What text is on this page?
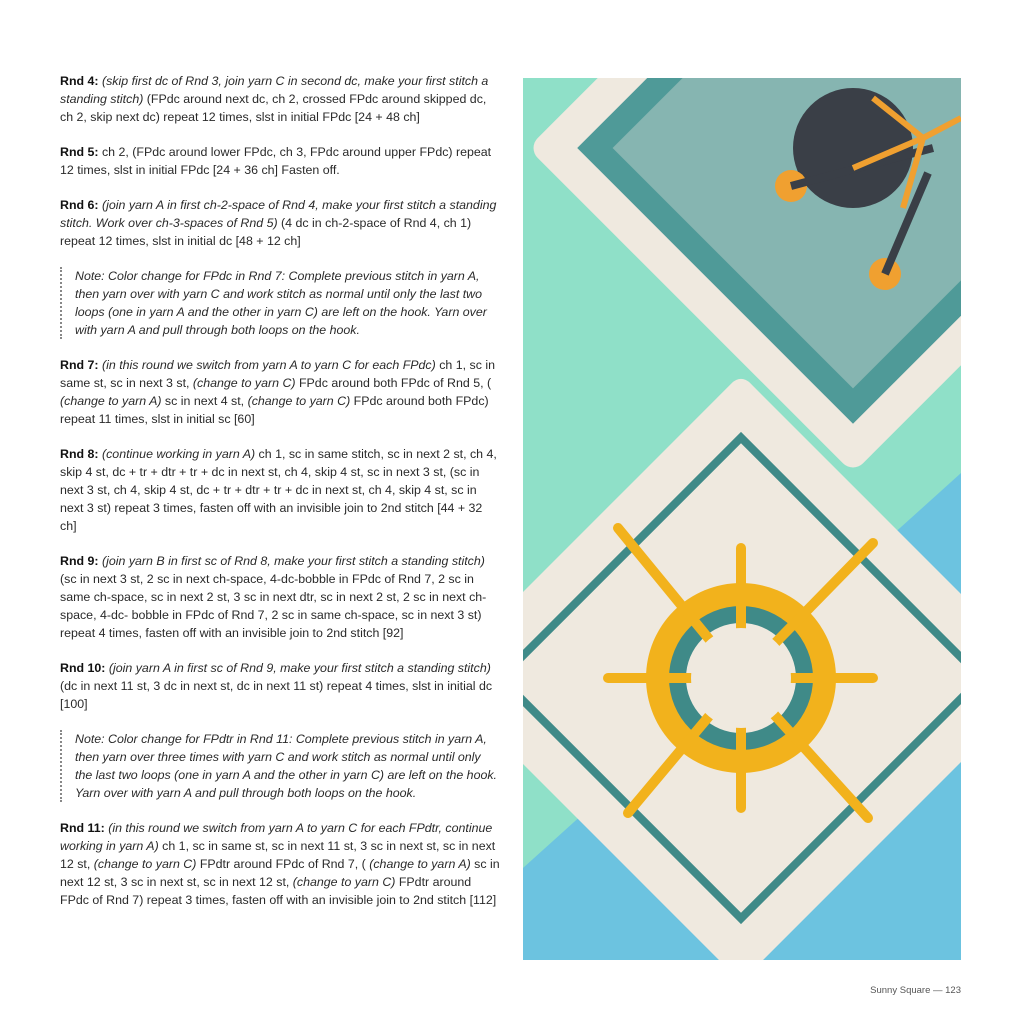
Rnd 4: (skip first dc of Rnd 3, join yarn C in second dc, make your first stitch a standing stitch) (FPdc around next dc, ch 2, crossed FPdc around skipped dc, ch 2, skip next dc) repeat 12 times, slst in initial FPdc [24 + 48 ch]

Rnd 5: ch 2, (FPdc around lower FPdc, ch 3, FPdc around upper FPdc) repeat 12 times, slst in initial FPdc [24 + 36 ch] Fasten off.

Rnd 6: (join yarn A in first ch-2-space of Rnd 4, make your first stitch a standing stitch. Work over ch-3-spaces of Rnd 5) (4 dc in ch-2-space of Rnd 4, ch 1) repeat 12 times, slst in initial dc [48 + 12 ch]

Note: Color change for FPdc in Rnd 7: Complete previous stitch in yarn A, then yarn over with yarn C and work stitch as normal until only the last two loops (one in yarn A and the other in yarn C) are left on the hook. Yarn over with yarn A and pull through both loops on the hook.

Rnd 7: (in this round we switch from yarn A to yarn C for each FPdc) ch 1, sc in same st, sc in next 3 st, (change to yarn C) FPdc around both FPdc of Rnd 5, ( (change to yarn A) sc in next 4 st, (change to yarn C) FPdc around both FPdc) repeat 11 times, slst in initial sc [60]

Rnd 8: (continue working in yarn A) ch 1, sc in same stitch, sc in next 2 st, ch 4, skip 4 st, dc + tr + dtr + tr + dc in next st, ch 4, skip 4 st, sc in next 3 st, (sc in next 3 st, ch 4, skip 4 st, dc + tr + dtr + tr + dc in next st, ch 4, skip 4 st, sc in next 3 st) repeat 3 times, fasten off with an invisible join to 2nd stitch [44 + 32 ch]

Rnd 9: (join yarn B in first sc of Rnd 8, make your first stitch a standing stitch) (sc in next 3 st, 2 sc in next ch-space, 4-dc-bobble in FPdc of Rnd 7, 2 sc in same ch-space, sc in next 2 st, 3 sc in next dtr, sc in next 2 st, 2 sc in next ch-space, 4-dc- bobble in FPdc of Rnd 7, 2 sc in same ch-space, sc in next 3 st) repeat 4 times, fasten off with an invisible join to 2nd stitch [92]

Rnd 10: (join yarn A in first sc of Rnd 9, make your first stitch a standing stitch) (dc in next 11 st, 3 dc in next st, dc in next 11 st) repeat 4 times, slst in initial dc [100]

Note: Color change for FPdtr in Rnd 11: Complete previous stitch in yarn A, then yarn over three times with yarn C and work stitch as normal until only the last two loops (one in yarn A and the other in yarn C) are left on the hook. Yarn over with yarn A and pull through both loops on the hook.

Rnd 11: (in this round we switch from yarn A to yarn C for each FPdtr, continue working in yarn A) ch 1, sc in same st, sc in next 11 st, 3 sc in next st, sc in next 12 st, (change to yarn C) FPdtr around FPdc of Rnd 7, ( (change to yarn A) sc in next 12 st, 3 sc in next st, sc in next 12 st, (change to yarn C) FPdtr around FPdc of Rnd 7) repeat 3 times, fasten off with an invisible join to 2nd stitch [112]

Sunny Square — 123
